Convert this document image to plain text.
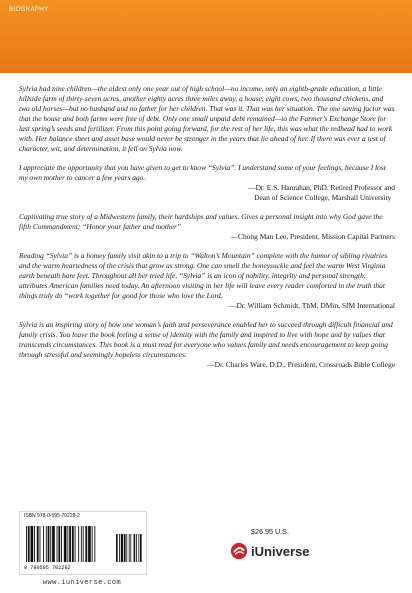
BIOGRAPHY

Sylvia had nine children—the oldest only one year out of high school—no income, only an eighth-grade education, a little hillside farm of thirty-seven acres, another eighty acres three miles away, a house, eight cows, two thousand chickens, and two old horses—but no husband and no father for her children. That was it. That was her situation. The one saving factor was that the house and both farms were free of debt. Only one small unpaid debt remained—to the Farmer’s Exchange Store for last spring’s seeds and fertilizer. From this point going forward, for the rest of her life, this was what the redhead had to work with. Her balance sheet and asset base would never be stronger in the years that lie ahead of her. If there was ever a test of character, wit, and determination, it fell on Sylvia now.

I appreciate the opportunity that you have given to get to know “Sylvia”. I understand some of your feelings, because I lost my own mother to cancer a few years ago.

—Dr. E.S. Hanrahan, PhD. Retired Professor and
Dean of Science College, Marshall University

Captivating true story of a Midwestern family, their hardships and values. Gives a personal insight into why God gave the fifth Commandment; “Honor your father and mother”

—Chong Man Lee, President, Mission Capital Partners

Reading “Sylvia” is a homey family visit akin to a trip to “Walton’s Mountain” complete with the humor of sibling rivalries and the warm heartedness of the crisis that grow us strong. One can smell the honeysuckle and feel the warm West Virginia earth beneath bare feet. Throughout all her tried life, “Sylvia” is an icon of nobility, integrity and personal strength, attributes American families need today. An afternoon visiting in her life will leave every reader comforted in the truth that things truly do “work together for good for those who love the Lord.

—Dr. William Schmidt, ThM, DMin, SIM International

Sylvia is an inspiring story of how one woman’s faith and perseverance enabled her to succeed through difficult financial and family crisis. You leave the book feeling a sense of identity with the family and inspired to live with hope and by values that transcends circumstances. This book is a must read for everyone who values family and needs encouragement to keep going through stressful and seemingly hopeless circumstances.

—Dr. Charles Ware, D.D., President, Crossroads Bible College
ISBN 978-0-595-70228-2
9 780595 702282
www.iuniverse.com
$26.95 U.S.
iUniverse
